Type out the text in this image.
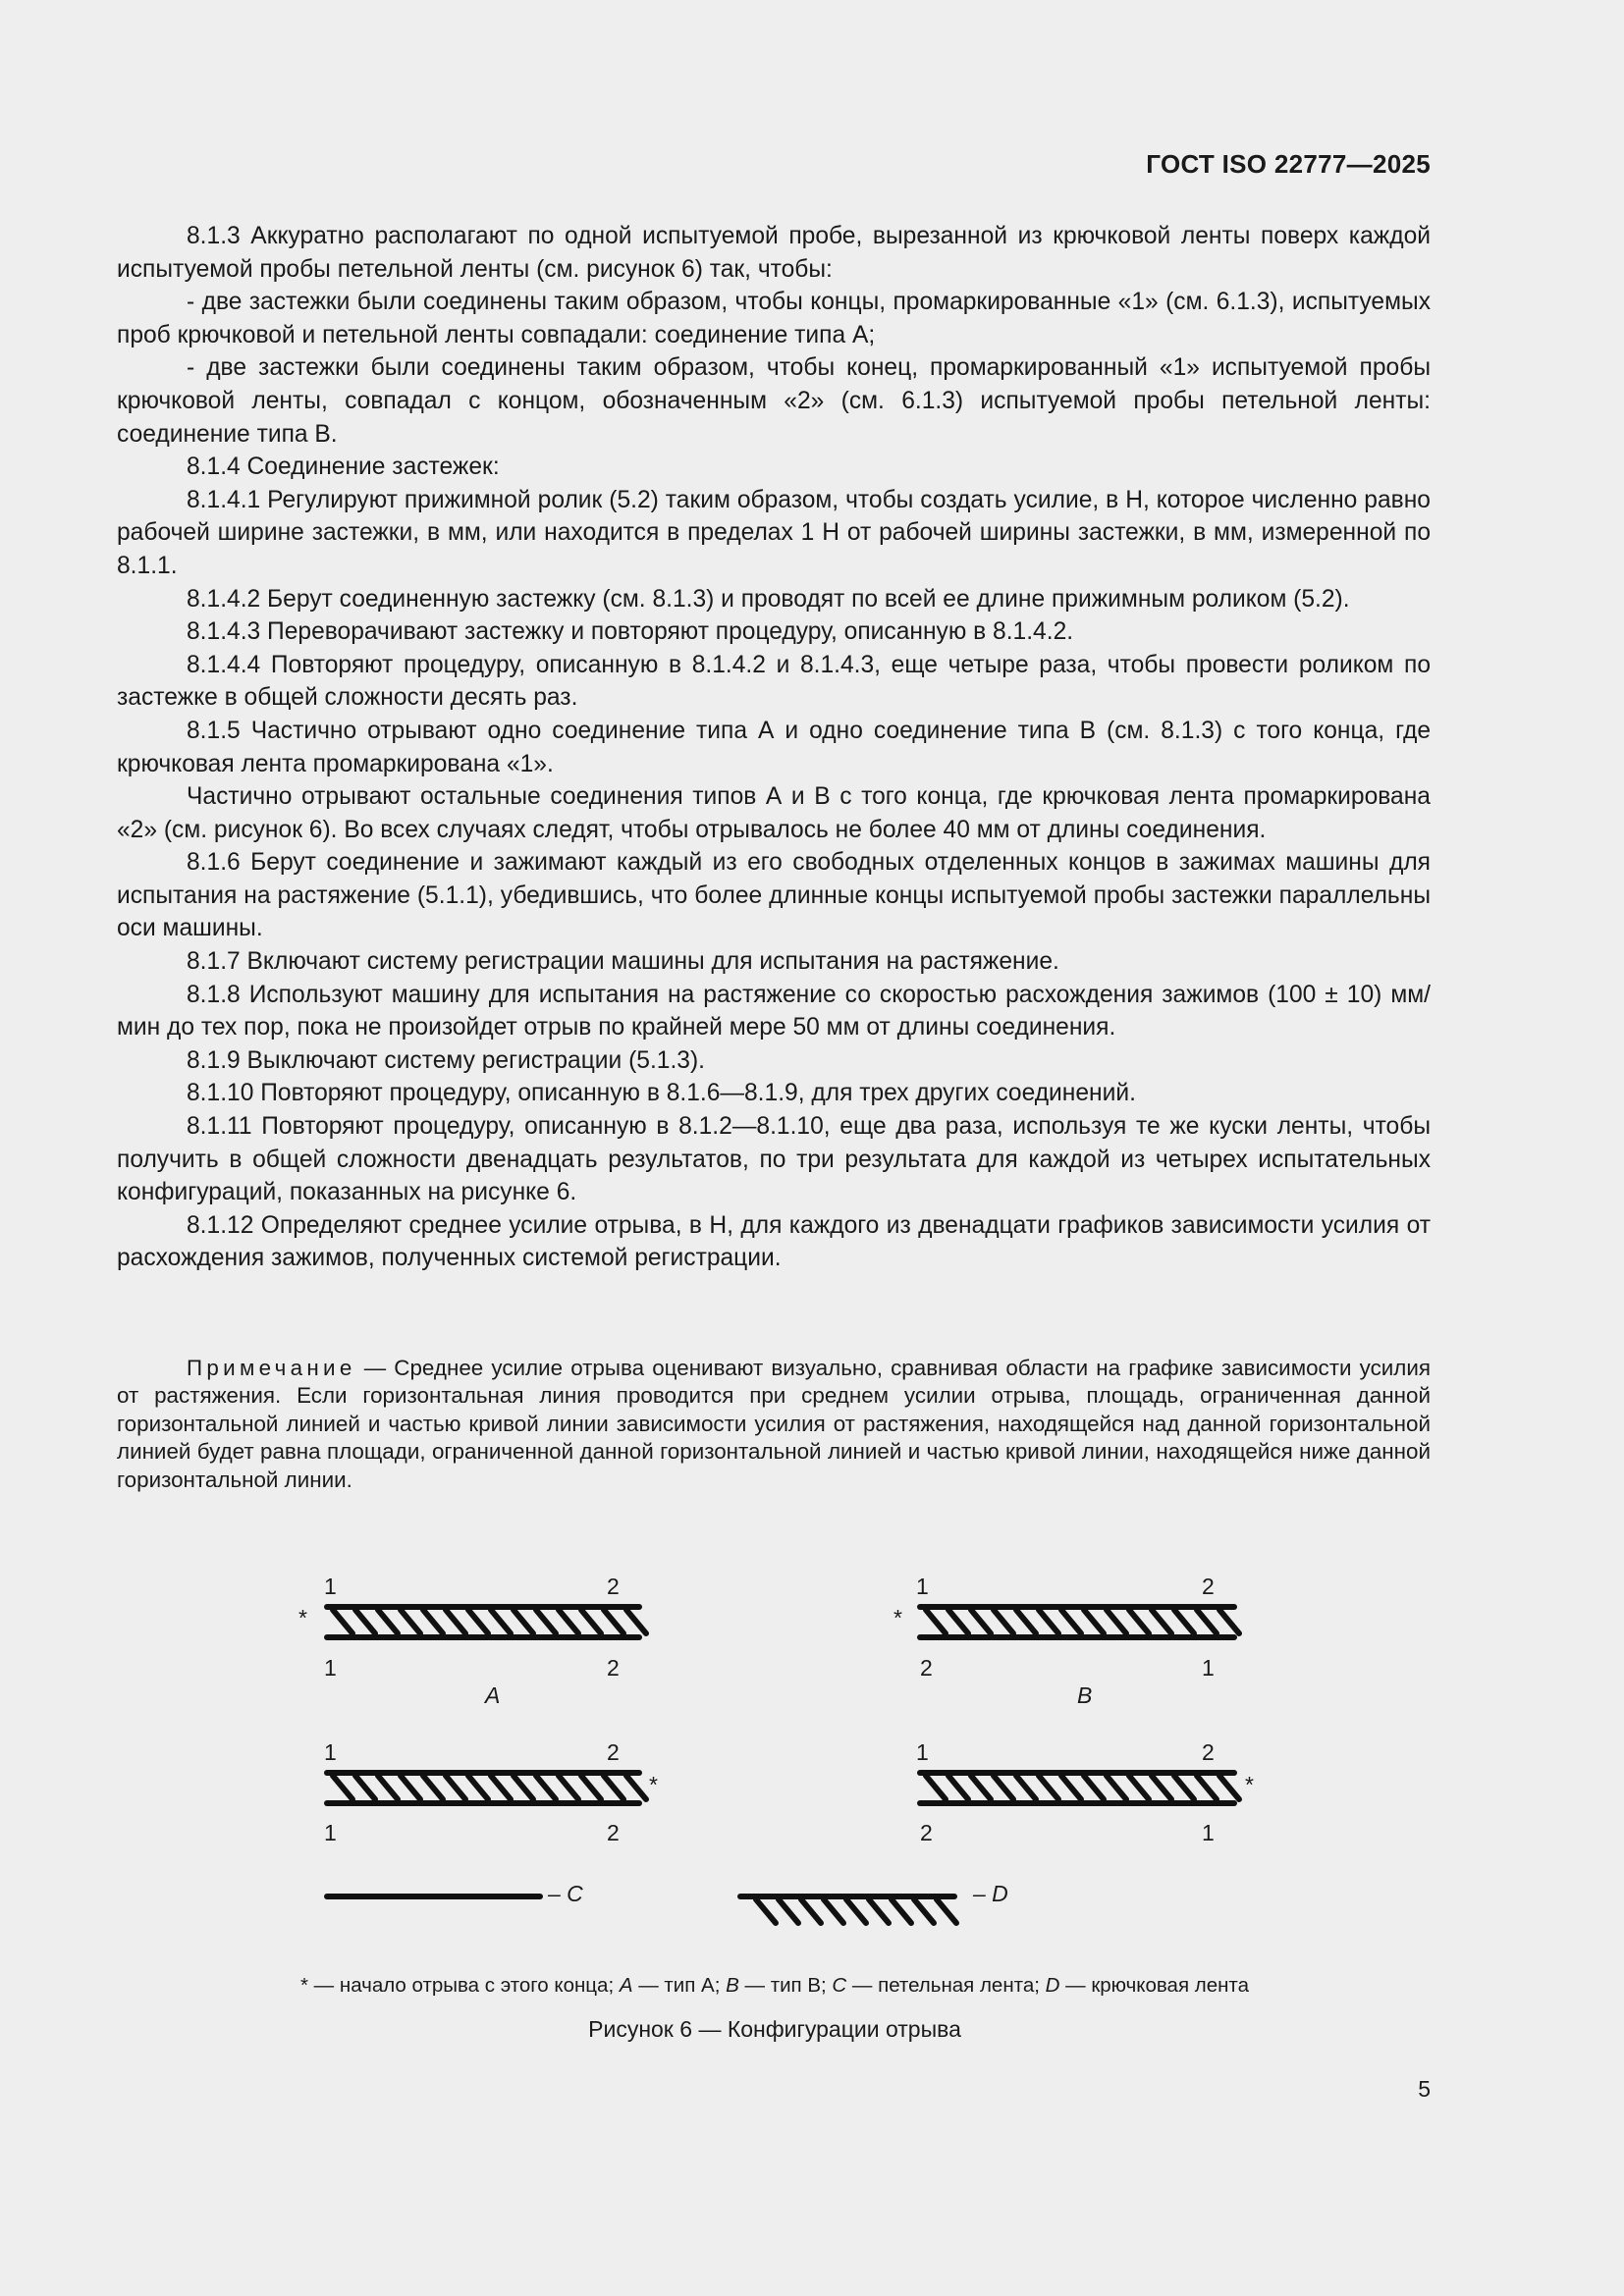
ГОСТ ISO 22777—2025

8.1.3 Аккуратно располагают по одной испытуемой пробе, вырезанной из крючковой ленты поверх каждой испытуемой пробы петельной ленты (см. рисунок 6) так, чтобы:

- две застежки были соединены таким образом, чтобы концы, промаркированные «1» (см. 6.1.3), испытуемых проб крючковой и петельной ленты совпадали: соединение типа А;

- две застежки были соединены таким образом, чтобы конец, промаркированный «1» испытуемой пробы крючковой ленты, совпадал с концом, обозначенным «2» (см. 6.1.3) испытуемой пробы петельной ленты: соединение типа В.

8.1.4 Соединение застежек:

8.1.4.1 Регулируют прижимной ролик (5.2) таким образом, чтобы создать усилие, в Н, которое численно равно рабочей ширине застежки, в мм, или находится в пределах 1 Н от рабочей ширины застежки, в мм, измеренной по 8.1.1.

8.1.4.2 Берут соединенную застежку (см. 8.1.3) и проводят по всей ее длине прижимным роликом (5.2).

8.1.4.3 Переворачивают застежку и повторяют процедуру, описанную в 8.1.4.2.

8.1.4.4 Повторяют процедуру, описанную в 8.1.4.2 и 8.1.4.3, еще четыре раза, чтобы провести роликом по застежке в общей сложности десять раз.

8.1.5 Частично отрывают одно соединение типа А и одно соединение типа В (см. 8.1.3) с того конца, где крючковая лента промаркирована «1».

Частично отрывают остальные соединения типов А и В с того конца, где крючковая лента промаркирована «2» (см. рисунок 6). Во всех случаях следят, чтобы отрывалось не более 40 мм от длины соединения.

8.1.6 Берут соединение и зажимают каждый из его свободных отделенных концов в зажимах машины для испытания на растяжение (5.1.1), убедившись, что более длинные концы испытуемой пробы застежки параллельны оси машины.

8.1.7 Включают систему регистрации машины для испытания на растяжение.

8.1.8 Используют машину для испытания на растяжение со скоростью расхождения зажимов (100 ± 10) мм/мин до тех пор, пока не произойдет отрыв по крайней мере 50 мм от длины соединения.

8.1.9 Выключают систему регистрации (5.1.3).

8.1.10 Повторяют процедуру, описанную в 8.1.6—8.1.9, для трех других соединений.

8.1.11 Повторяют процедуру, описанную в 8.1.2—8.1.10, еще два раза, используя те же куски ленты, чтобы получить в общей сложности двенадцать результатов, по три результата для каждой из четырех испытательных конфигураций, показанных на рисунке 6.

8.1.12 Определяют среднее усилие отрыва, в Н, для каждого из двенадцати графиков зависимости усилия от расхождения зажимов, полученных системой регистрации.

Примечание — Среднее усилие отрыва оценивают визуально, сравнивая области на графике зависимости усилия от растяжения. Если горизонтальная линия проводится при среднем усилии отрыва, площадь, ограниченная данной горизонтальной линией и частью кривой линии зависимости усилия от растяжения, находящейся над данной горизонтальной линией будет равна площади, ограниченной данной горизонтальной линией и частью кривой линии, находящейся ниже данной горизонтальной линии.
1	2
*
1	2
A
1	2
*
2	1
B
1	2
*
1	2
1	2
*
2	1
– C	– D
* — начало отрыва с этого конца; A — тип А; B — тип В; C — петельная лента; D — крючковая лента
Рисунок 6 — Конфигурации отрыва
5
